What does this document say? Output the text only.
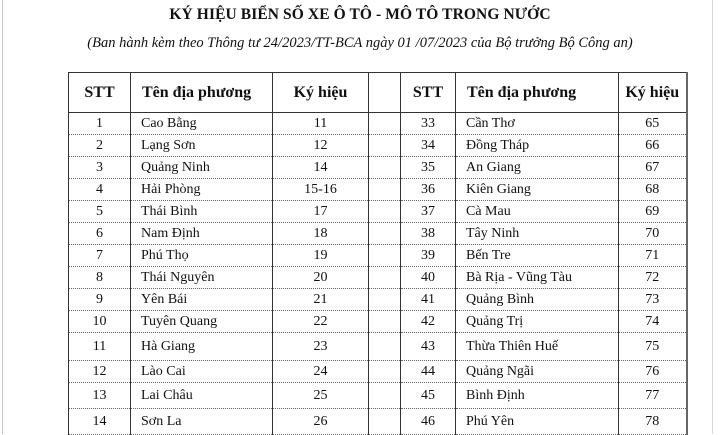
KÝ HIỆU BIỂN SỐ XE Ô TÔ - MÔ TÔ TRONG NƯỚC
(Ban hành kèm theo Thông tư 24/2023/TT-BCA ngày 01 /07/2023 của Bộ trưởng Bộ Công an)
STT	Tên địa phương	Ký hiệu		STT	Tên địa phương	Ký hiệu
1	Cao Bằng	11		33	Cần Thơ	65
2	Lạng Sơn	12		34	Đồng Tháp	66
3	Quảng Ninh	14		35	An Giang	67
4	Hải Phòng	15-16		36	Kiên Giang	68
5	Thái Bình	17		37	Cà Mau	69
6	Nam Định	18		38	Tây Ninh	70
7	Phú Thọ	19		39	Bến Tre	71
8	Thái Nguyên	20		40	Bà Rịa - Vũng Tàu	72
9	Yên Bái	21		41	Quảng Bình	73
10	Tuyên Quang	22		42	Quảng Trị	74
11	Hà Giang	23		43	Thừa Thiên Huế	75
12	Lào Cai	24		44	Quảng Ngãi	76
13	Lai Châu	25		45	Bình Định	77
14	Sơn La	26		46	Phú Yên	78
